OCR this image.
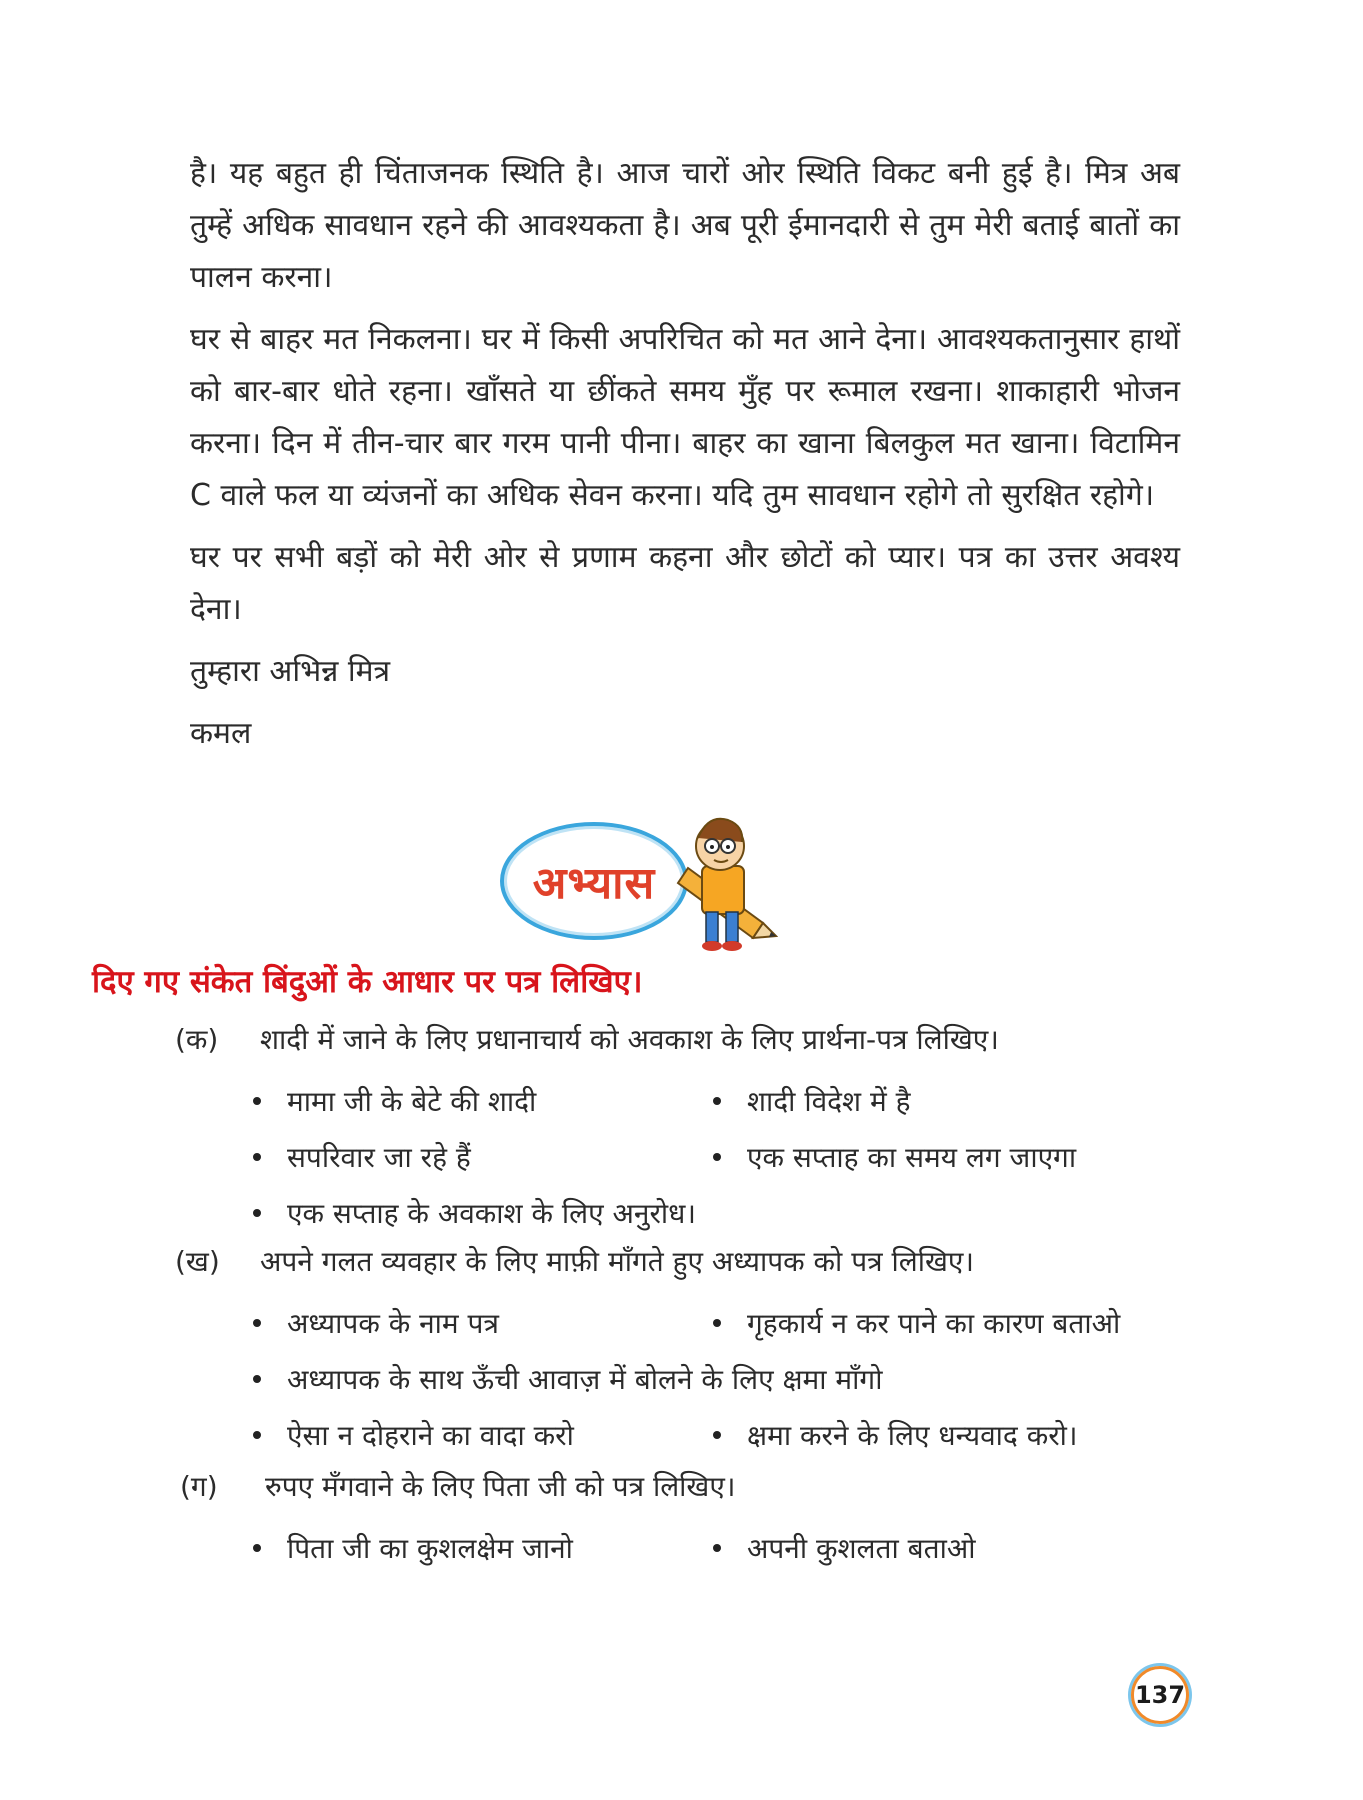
है। यह बहुत ही चिंताजनक स्थिति है। आज चारों ओर स्थिति विकट बनी हुई है। मित्र अब तुम्हें अधिक सावधान रहने की आवश्यकता है। अब पूरी ईमानदारी से तुम मेरी बताई बातों का पालन करना।

घर से बाहर मत निकलना। घर में किसी अपरिचित को मत आने देना। आवश्यकतानुसार हाथों को बार-बार धोते रहना। खाँसते या छींकते समय मुँह पर रूमाल रखना। शाकाहारी भोजन करना। दिन में तीन-चार बार गरम पानी पीना। बाहर का खाना बिलकुल मत खाना। विटामिन C वाले फल या व्यंजनों का अधिक सेवन करना। यदि तुम सावधान रहोगे तो सुरक्षित रहोगे।

घर पर सभी बड़ों को मेरी ओर से प्रणाम कहना और छोटों को प्यार। पत्र का उत्तर अवश्य देना।

तुम्हारा अभिन्न मित्र

कमल

अभ्यास
दिए गए संकेत बिंदुओं के आधार पर पत्र लिखिए।
(क)	शादी में जाने के लिए प्रधानाचार्य को अवकाश के लिए प्रार्थना-पत्र लिखिए।
मामा जी के बेटे की शादी	शादी विदेश में है
सपरिवार जा रहे हैं	एक सप्ताह का समय लग जाएगा
एक सप्ताह के अवकाश के लिए अनुरोध।
(ख)	अपने गलत व्यवहार के लिए माफ़ी माँगते हुए अध्यापक को पत्र लिखिए।
अध्यापक के नाम पत्र	गृहकार्य न कर पाने का कारण बताओ
अध्यापक के साथ ऊँची आवाज़ में बोलने के लिए क्षमा माँगो
ऐसा न दोहराने का वादा करो	क्षमा करने के लिए धन्यवाद करो।
(ग)	रुपए मँगवाने के लिए पिता जी को पत्र लिखिए।
पिता जी का कुशलक्षेम जानो	अपनी कुशलता बताओ
137
